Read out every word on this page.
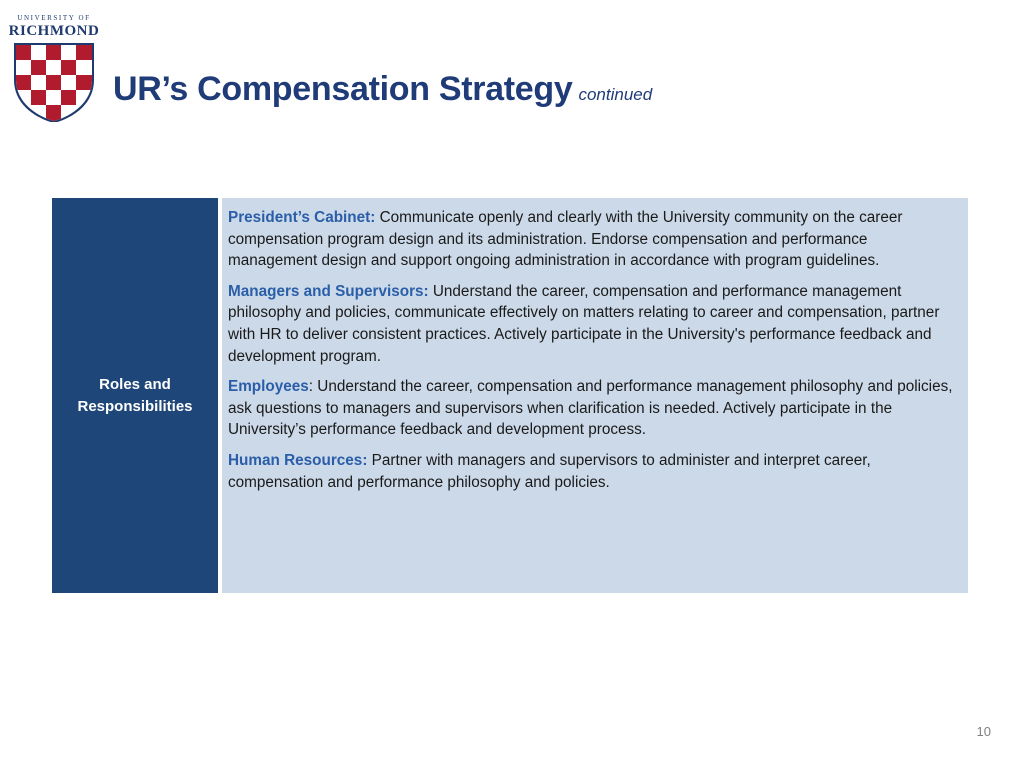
UNIVERSITY OF
RICHMOND
UR’s Compensation Strategy continued
Roles and Responsibilities

President’s Cabinet: Communicate openly and clearly with the University community on the career compensation program design and its administration. Endorse compensation and performance management design and support ongoing administration in accordance with program guidelines.

Managers and Supervisors: Understand the career, compensation and performance management philosophy and policies, communicate effectively on matters relating to career and compensation, partner with HR to deliver consistent practices. Actively participate in the University's performance feedback and development program.

Employees: Understand the career, compensation and performance management philosophy and policies, ask questions to managers and supervisors when clarification is needed. Actively participate in the University’s performance feedback and development process.

Human Resources: Partner with managers and supervisors to administer and interpret career, compensation and performance philosophy and policies.

10
